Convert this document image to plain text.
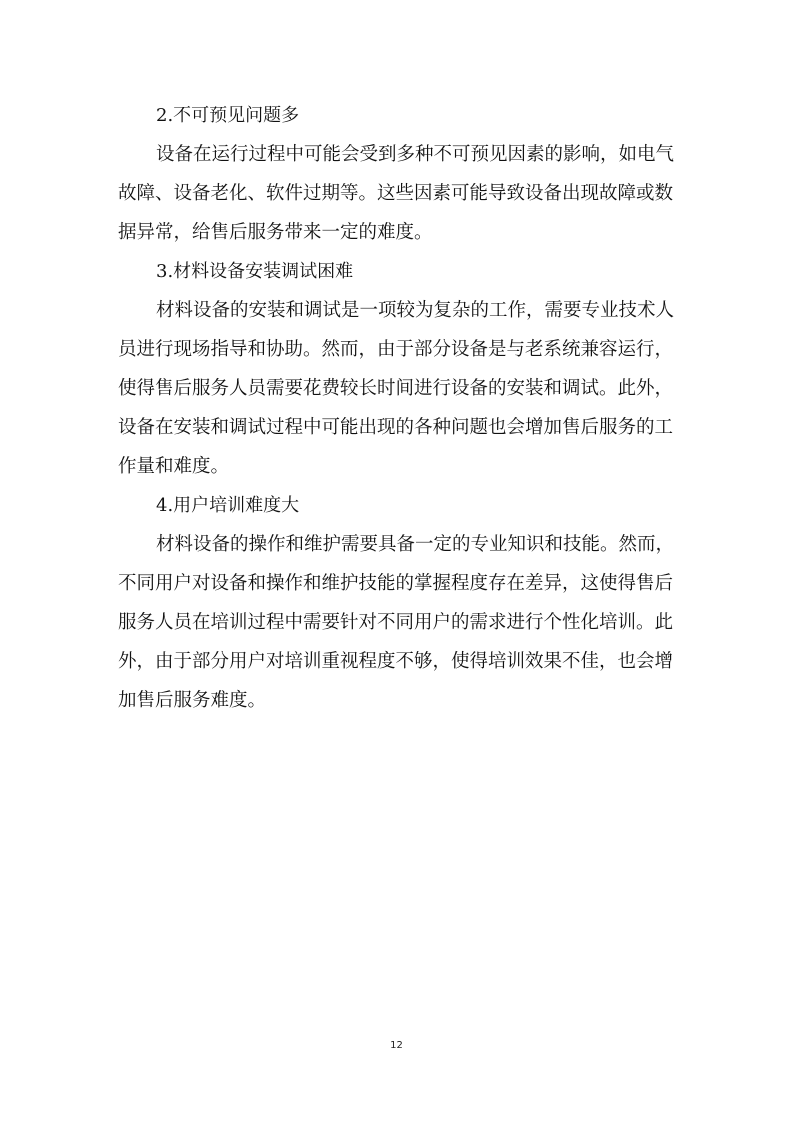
2.不可预见问题多
设备在运行过程中可能会受到多种不可预见因素的影响，如电气
故障、设备老化、软件过期等。这些因素可能导致设备出现故障或数
据异常，给售后服务带来一定的难度。
3.材料设备安装调试困难
材料设备的安装和调试是一项较为复杂的工作，需要专业技术人
员进行现场指导和协助。然而，由于部分设备是与老系统兼容运行，
使得售后服务人员需要花费较长时间进行设备的安装和调试。此外，
设备在安装和调试过程中可能出现的各种问题也会增加售后服务的工
作量和难度。
4.用户培训难度大
材料设备的操作和维护需要具备一定的专业知识和技能。然而，
不同用户对设备和操作和维护技能的掌握程度存在差异，这使得售后
服务人员在培训过程中需要针对不同用户的需求进行个性化培训。此
外，由于部分用户对培训重视程度不够，使得培训效果不佳，也会增
加售后服务难度。
12
